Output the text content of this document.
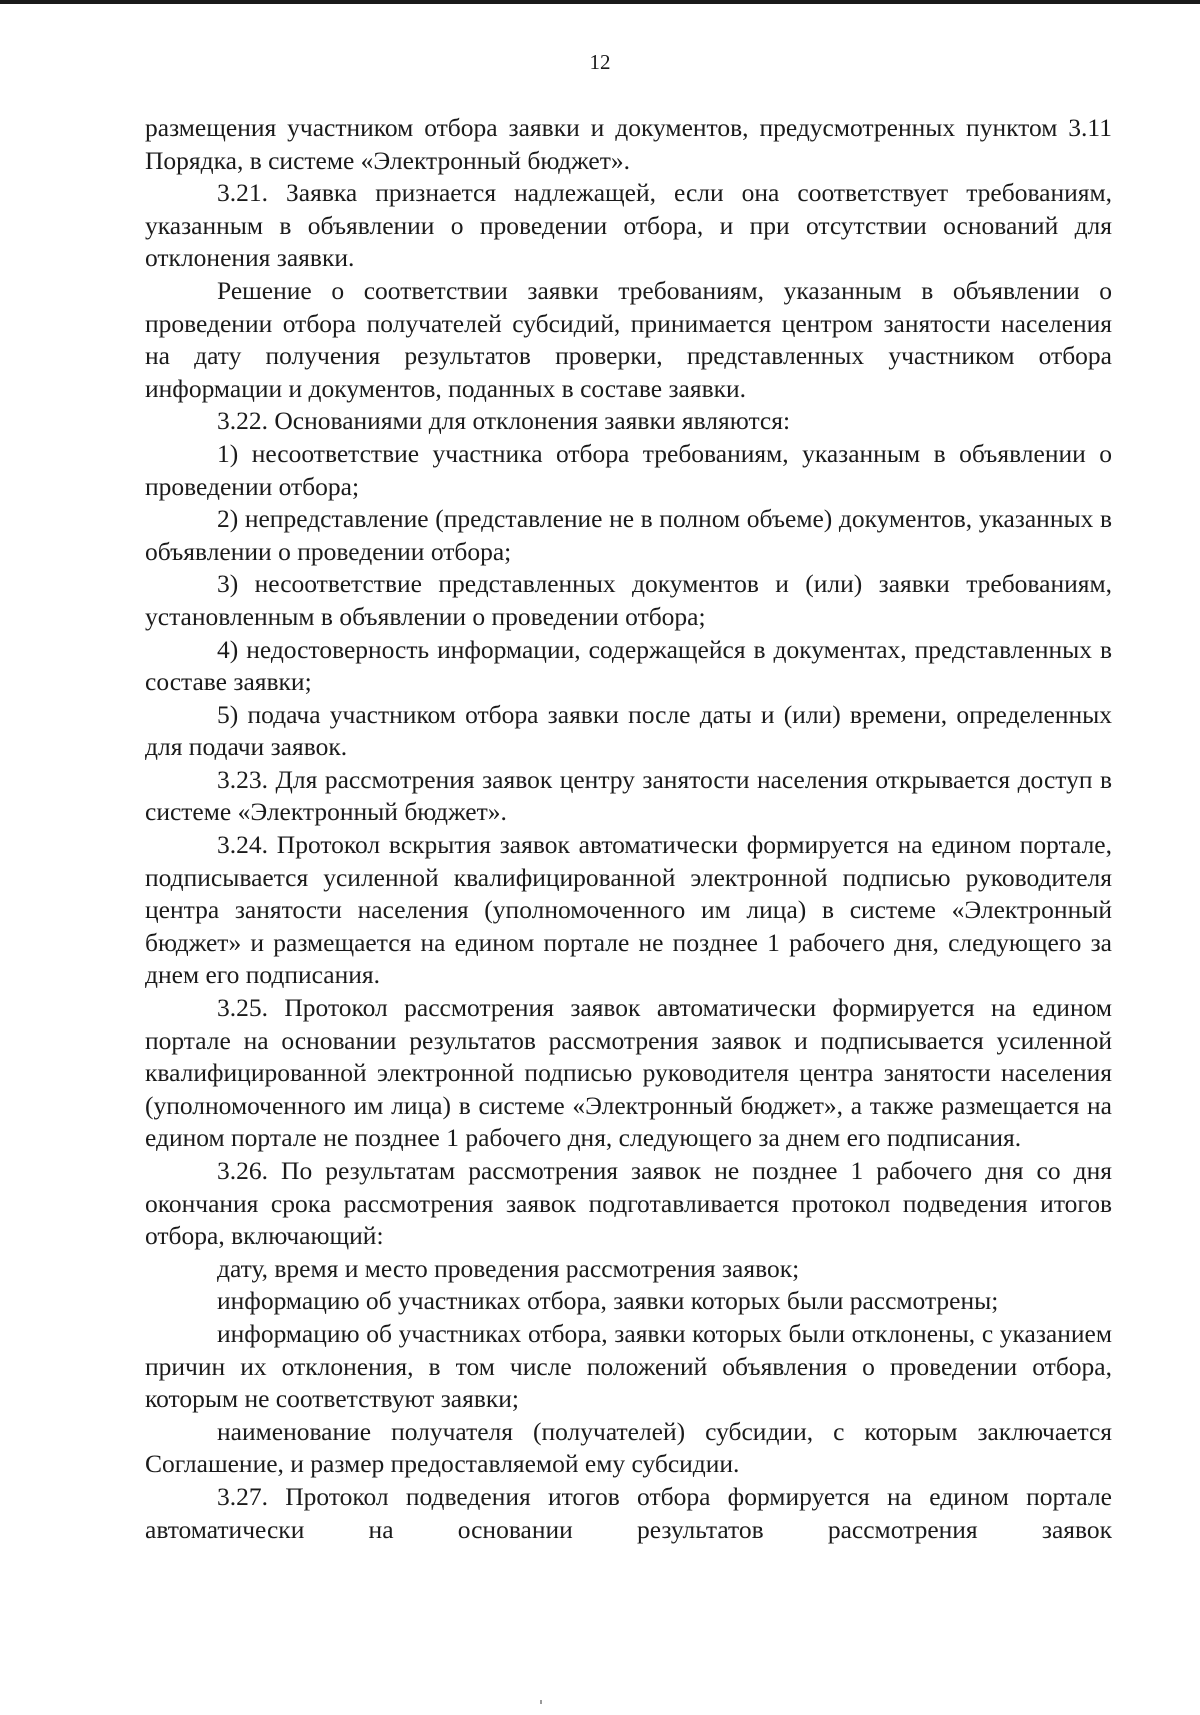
12

размещения участником отбора заявки и документов, предусмотренных пунктом 3.11 Порядка, в системе «Электронный бюджет».

3.21. Заявка признается надлежащей, если она соответствует требованиям, указанным в объявлении о проведении отбора, и при отсутствии оснований для отклонения заявки.

Решение о соответствии заявки требованиям, указанным в объявлении о проведении отбора получателей субсидий, принимается центром занятости населения на дату получения результатов проверки, представленных участником отбора информации и документов, поданных в составе заявки.

3.22. Основаниями для отклонения заявки являются:

1) несоответствие участника отбора требованиям, указанным в объявлении о проведении отбора;

2) непредставление (представление не в полном объеме) документов, указанных в объявлении о проведении отбора;

3) несоответствие представленных документов и (или) заявки требованиям, установленным в объявлении о проведении отбора;

4) недостоверность информации, содержащейся в документах, представленных в составе заявки;

5) подача участником отбора заявки после даты и (или) времени, определенных для подачи заявок.

3.23. Для рассмотрения заявок центру занятости населения открывается доступ в системе «Электронный бюджет».

3.24. Протокол вскрытия заявок автоматически формируется на едином портале, подписывается усиленной квалифицированной электронной подписью руководителя центра занятости населения (уполномоченного им лица) в системе «Электронный бюджет» и размещается на едином портале не позднее 1 рабочего дня, следующего за днем его подписания.

3.25. Протокол рассмотрения заявок автоматически формируется на едином портале на основании результатов рассмотрения заявок и подписывается усиленной квалифицированной электронной подписью руководителя центра занятости населения (уполномоченного им лица) в системе «Электронный бюджет», а также размещается на едином портале не позднее 1 рабочего дня, следующего за днем его подписания.

3.26. По результатам рассмотрения заявок не позднее 1 рабочего дня со дня окончания срока рассмотрения заявок подготавливается протокол подведения итогов отбора, включающий:

дату, время и место проведения рассмотрения заявок;

информацию об участниках отбора, заявки которых были рассмотрены;

информацию об участниках отбора, заявки которых были отклонены, с указанием причин их отклонения, в том числе положений объявления о проведении отбора, которым не соответствуют заявки;

наименование получателя (получателей) субсидии, с которым заключается Соглашение, и размер предоставляемой ему субсидии.

3.27. Протокол подведения итогов отбора формируется на едином портале автоматически на основании результатов рассмотрения заявок
